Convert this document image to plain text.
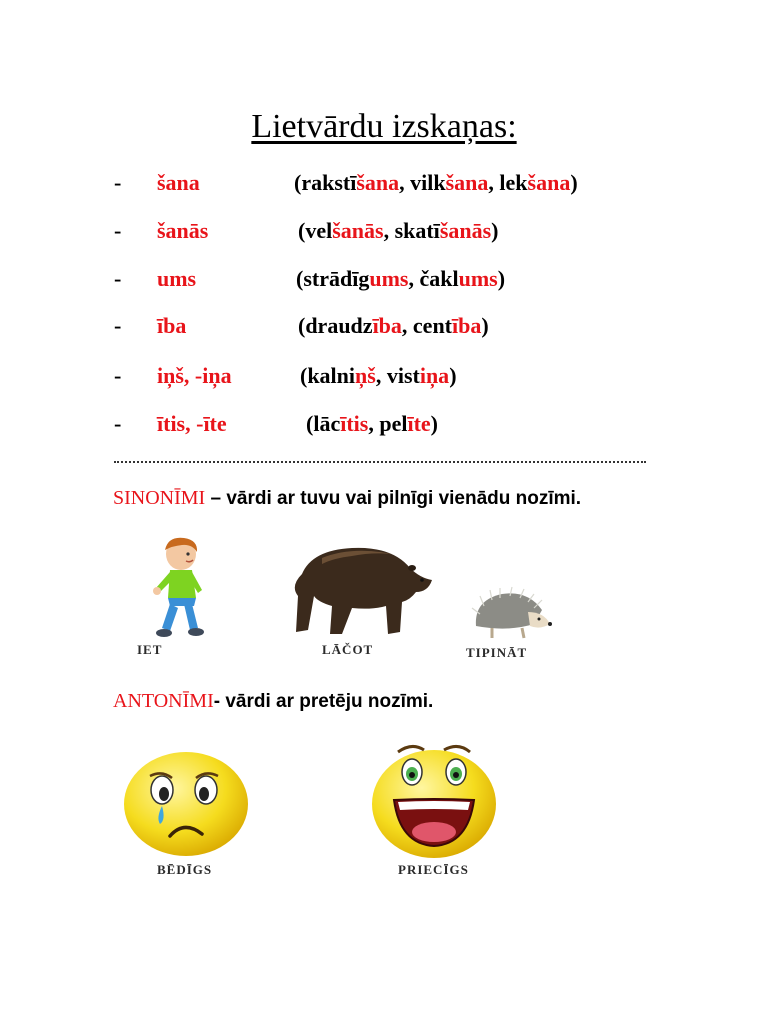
Lietvārdu izskaņas:
- šana	(rakstīšana, vilkšana, lekšana)
- šanās	(velšanās, skatīšanās)
- ums	(strādīgums, čaklums)
- ība	(draudzība, centība)
- iņš, -iņa	(kalniņš, vistiņa)
- ītis, -īte	(lācītis, pelīte)
SINONĪMI – vārdi ar tuvu vai pilnīgi vienādu nozīmi.
IET	LĀČOT	TIPINĀT
ANTONĪMI- vārdi ar pretēju nozīmi.
BĒDĪGS	PRIECĪGS
